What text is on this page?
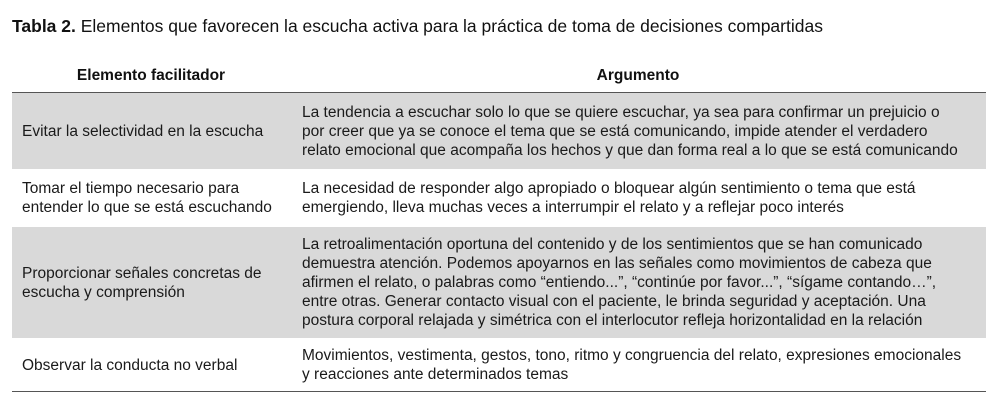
Tabla 2. Elementos que favorecen la escucha activa para la práctica de toma de decisiones compartidas
Elemento facilitador	Argumento
Evitar la selectividad en la escucha	La tendencia a escuchar solo lo que se quiere escuchar, ya sea para confirmar un prejuicio o por creer que ya se conoce el tema que se está comunicando, impide atender el verdadero relato emocional que acompaña los hechos y que dan forma real a lo que se está comunicando
Tomar el tiempo necesario para entender lo que se está escuchando	La necesidad de responder algo apropiado o bloquear algún sentimiento o tema que está emergiendo, lleva muchas veces a interrumpir el relato y a reflejar poco interés
Proporcionar señales concretas de escucha y comprensión	La retroalimentación oportuna del contenido y de los sentimientos que se han comunicado demuestra atención. Podemos apoyarnos en las señales como movimientos de cabeza que afirmen el relato, o palabras como “entiendo...”, “continúe por favor...”, “sígame contando…”, entre otras. Generar contacto visual con el paciente, le brinda seguridad y aceptación. Una postura corporal relajada y simétrica con el interlocutor refleja horizontalidad en la relación
Observar la conducta no verbal	Movimientos, vestimenta, gestos, tono, ritmo y congruencia del relato, expresiones emocionales y reacciones ante determinados temas
